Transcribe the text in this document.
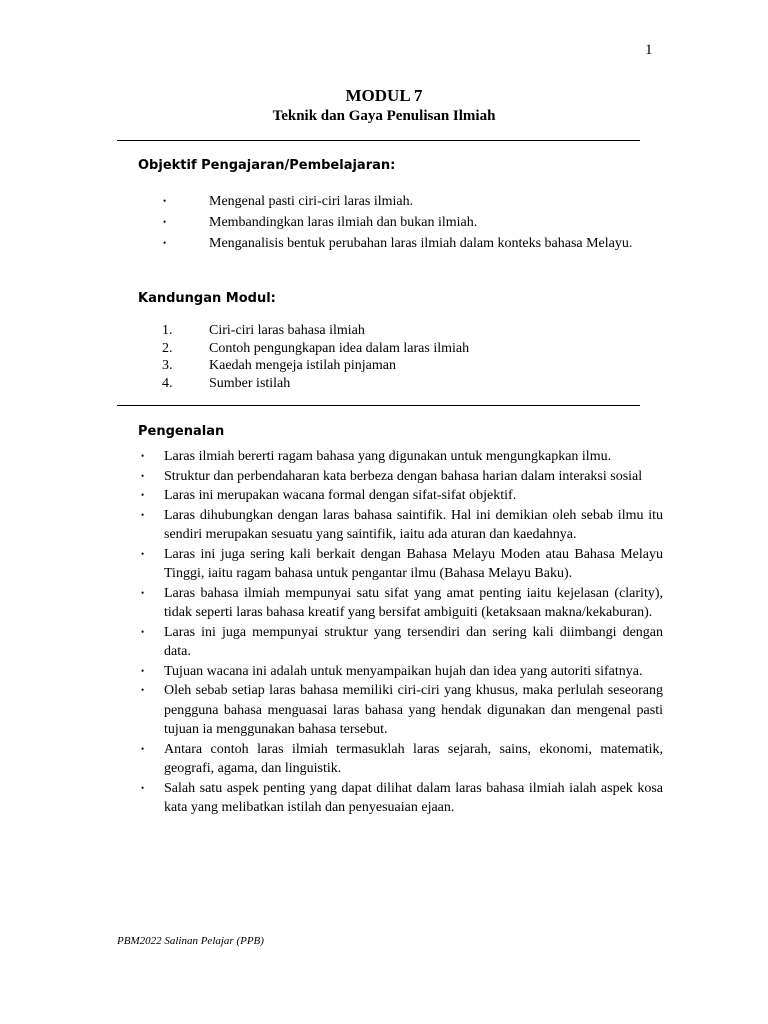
1
MODUL 7
Teknik dan Gaya Penulisan Ilmiah
Objektif Pengajaran/Pembelajaran:
• Mengenal pasti ciri-ciri laras ilmiah.
• Membandingkan laras ilmiah dan bukan ilmiah.
• Menganalisis bentuk perubahan laras ilmiah dalam konteks bahasa Melayu.
Kandungan Modul:
1.	Ciri-ciri laras bahasa ilmiah
2.	Contoh pengungkapan idea dalam laras ilmiah
3.	Kaedah mengeja istilah pinjaman
4.	Sumber istilah
Pengenalan
• Laras ilmiah bererti ragam bahasa yang digunakan untuk mengungkapkan ilmu.
• Struktur dan perbendaharan kata berbeza dengan bahasa harian dalam interaksi sosial
• Laras ini merupakan wacana formal dengan sifat-sifat objektif.
• Laras dihubungkan dengan laras bahasa saintifik. Hal ini demikian oleh sebab ilmu itu sendiri merupakan sesuatu yang saintifik, iaitu ada aturan dan kaedahnya.
• Laras ini juga sering kali berkait dengan Bahasa Melayu Moden atau Bahasa Melayu Tinggi, iaitu ragam bahasa untuk pengantar ilmu (Bahasa Melayu Baku).
• Laras bahasa ilmiah mempunyai satu sifat yang amat penting iaitu kejelasan (clarity), tidak seperti laras bahasa kreatif yang bersifat ambiguiti (ketaksaan makna/kekaburan).
• Laras ini juga mempunyai struktur yang tersendiri dan sering kali diimbangi dengan data.
• Tujuan wacana ini adalah untuk menyampaikan hujah dan idea yang autoriti sifatnya.
• Oleh sebab setiap laras bahasa memiliki ciri-ciri yang khusus, maka perlulah seseorang pengguna bahasa menguasai laras bahasa yang hendak digunakan dan mengenal pasti tujuan ia menggunakan bahasa tersebut.
• Antara contoh laras ilmiah termasuklah laras sejarah, sains, ekonomi, matematik, geografi, agama, dan linguistik.
• Salah satu aspek penting yang dapat dilihat dalam laras bahasa ilmiah ialah aspek kosa kata yang melibatkan istilah dan penyesuaian ejaan.
PBM2022 Salinan Pelajar (PPB)
